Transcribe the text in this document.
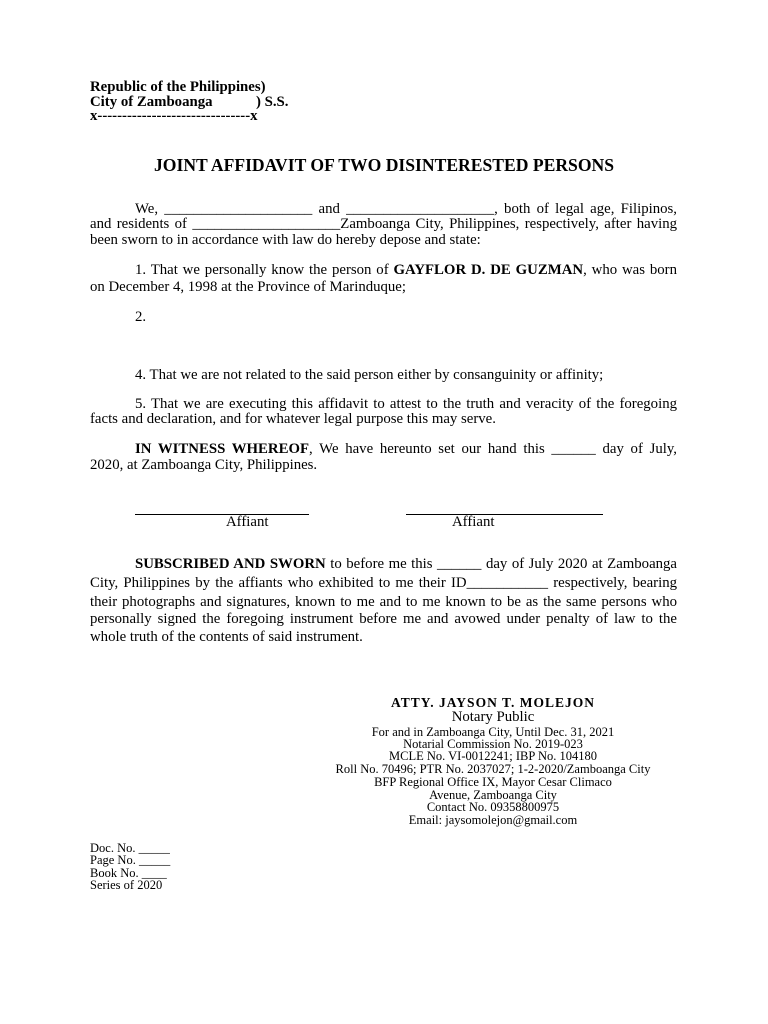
Republic of the Philippines)
City of Zamboanga	) S.S.
x-------------------------------x
JOINT AFFIDAVIT OF TWO DISINTERESTED PERSONS
We, ____________________ and ____________________, both of legal age, Filipinos,
and residents of ____________________Zamboanga City, Philippines, respectively, after having
been sworn to in accordance with law do hereby depose and state:
1. That we personally know the person of GAYFLOR D. DE GUZMAN, who was born
on December 4, 1998 at the Province of Marinduque;
2.
4. That we are not related to the said person either by consanguinity or affinity;
5. That we are executing this affidavit to attest to the truth and veracity of the foregoing
facts and declaration, and for whatever legal purpose this may serve.
IN WITNESS WHEREOF, We have hereunto set our hand this ______ day of July,
2020, at Zamboanga City, Philippines.
Affiant	Affiant
SUBSCRIBED AND SWORN to before me this ______ day of July 2020 at Zamboanga
City, Philippines by the affiants who exhibited to me their ID___________ respectively, bearing
their photographs and signatures, known to me and to me known to be as the same persons who
personally signed the foregoing instrument before me and avowed under penalty of law to the
whole truth of the contents of said instrument.
ATTY. JAYSON T. MOLEJON
Notary Public
For and in Zamboanga City, Until Dec. 31, 2021
Notarial Commission No. 2019-023
MCLE No. VI-0012241; IBP No. 104180
Roll No. 70496; PTR No. 2037027; 1-2-2020/Zamboanga City
BFP Regional Office IX, Mayor Cesar Climaco
Avenue, Zamboanga City
Contact No. 09358800975
Email: jaysomolejon@gmail.com
Doc. No. _____
Page No. _____
Book No. ____
Series of 2020
